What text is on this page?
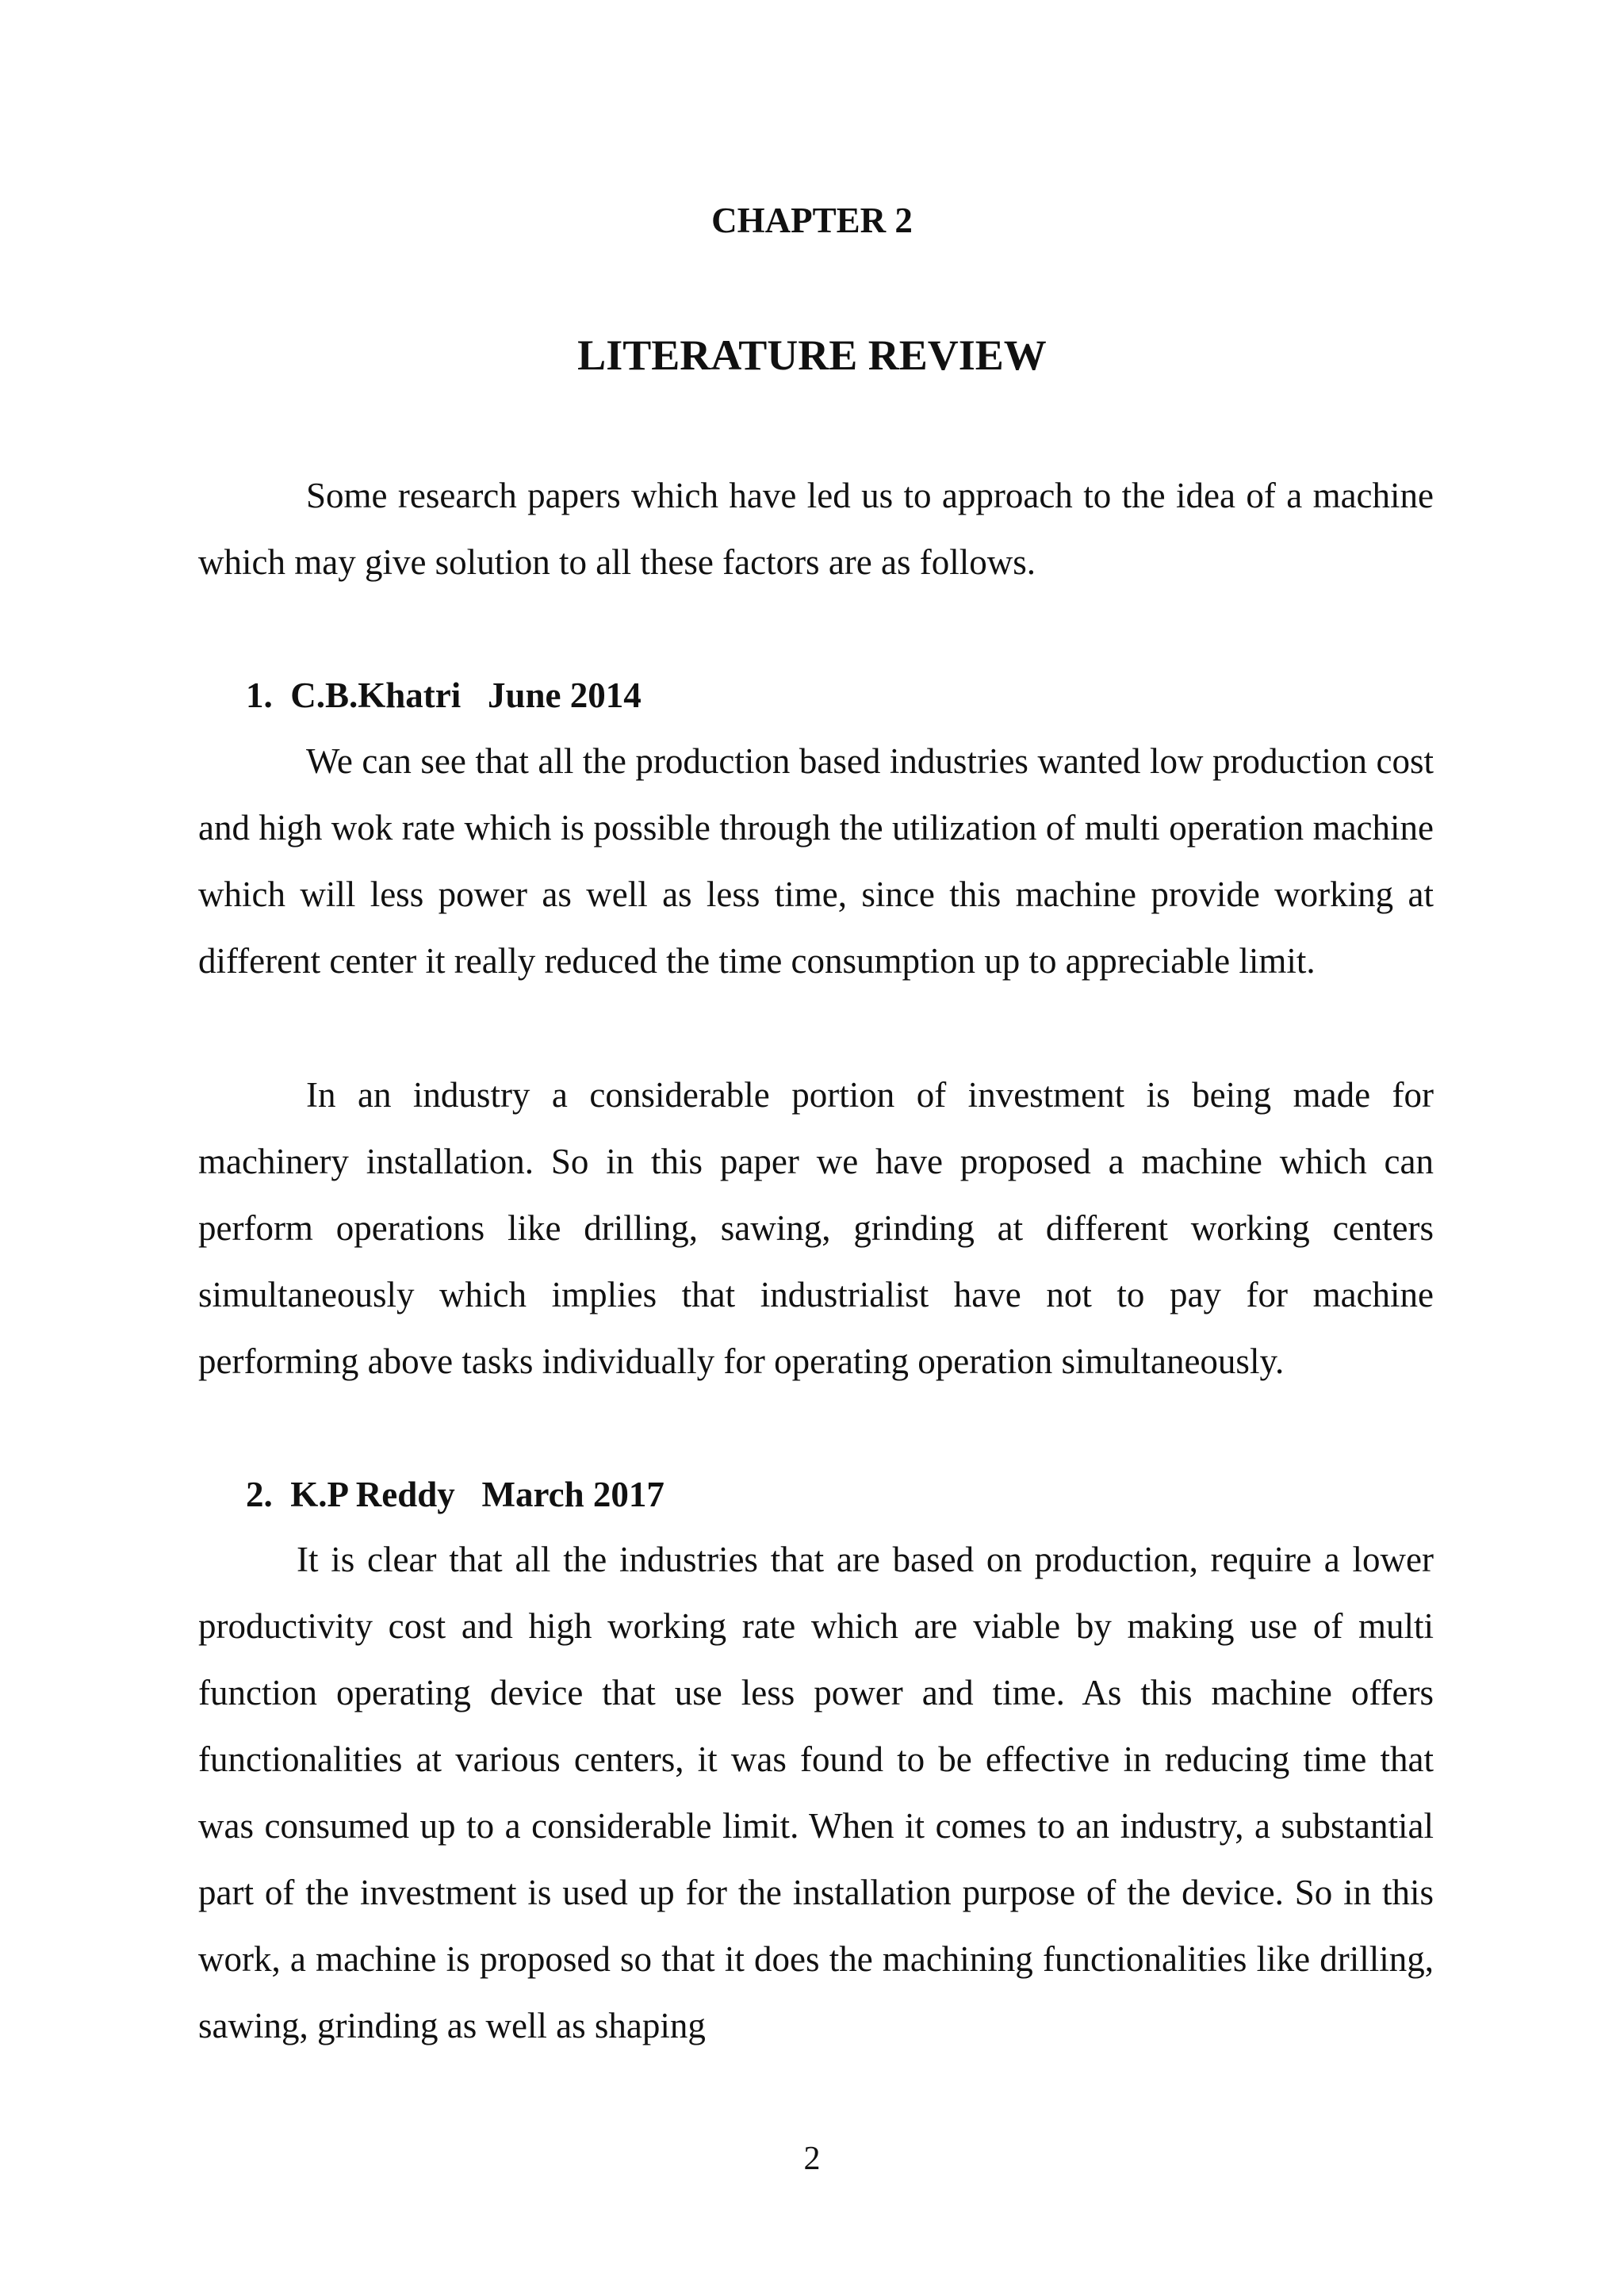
CHAPTER 2
LITERATURE REVIEW

Some research papers which have led us to approach to the idea of a machine which may give solution to all these factors are as follows.

1.  C.B.Khatri   June 2014

We can see that all the production based industries wanted low production cost and high wok rate which is possible through the utilization of multi operation machine which will less power as well as less time, since this machine provide working at different center it really reduced the time consumption up to appreciable limit.

In an industry a considerable portion of investment is being made for machinery installation. So in this paper we have proposed a machine which can perform operations like drilling, sawing, grinding at different working centers simultaneously which implies that industrialist have not to pay for machine performing above tasks individually for operating operation simultaneously.

2.  K.P Reddy   March 2017

It is clear that all the industries that are based on production, require a lower productivity cost and high working rate which are viable by making use of multi function operating device that use less power and time. As this machine offers functionalities at various centers, it was found to be effective in reducing time that was consumed up to a considerable limit. When it comes to an industry, a substantial part of the investment is used up for the installation purpose of the device. So in this work, a machine is proposed so that it does the machining functionalities like drilling, sawing, grinding as well as shaping

2
